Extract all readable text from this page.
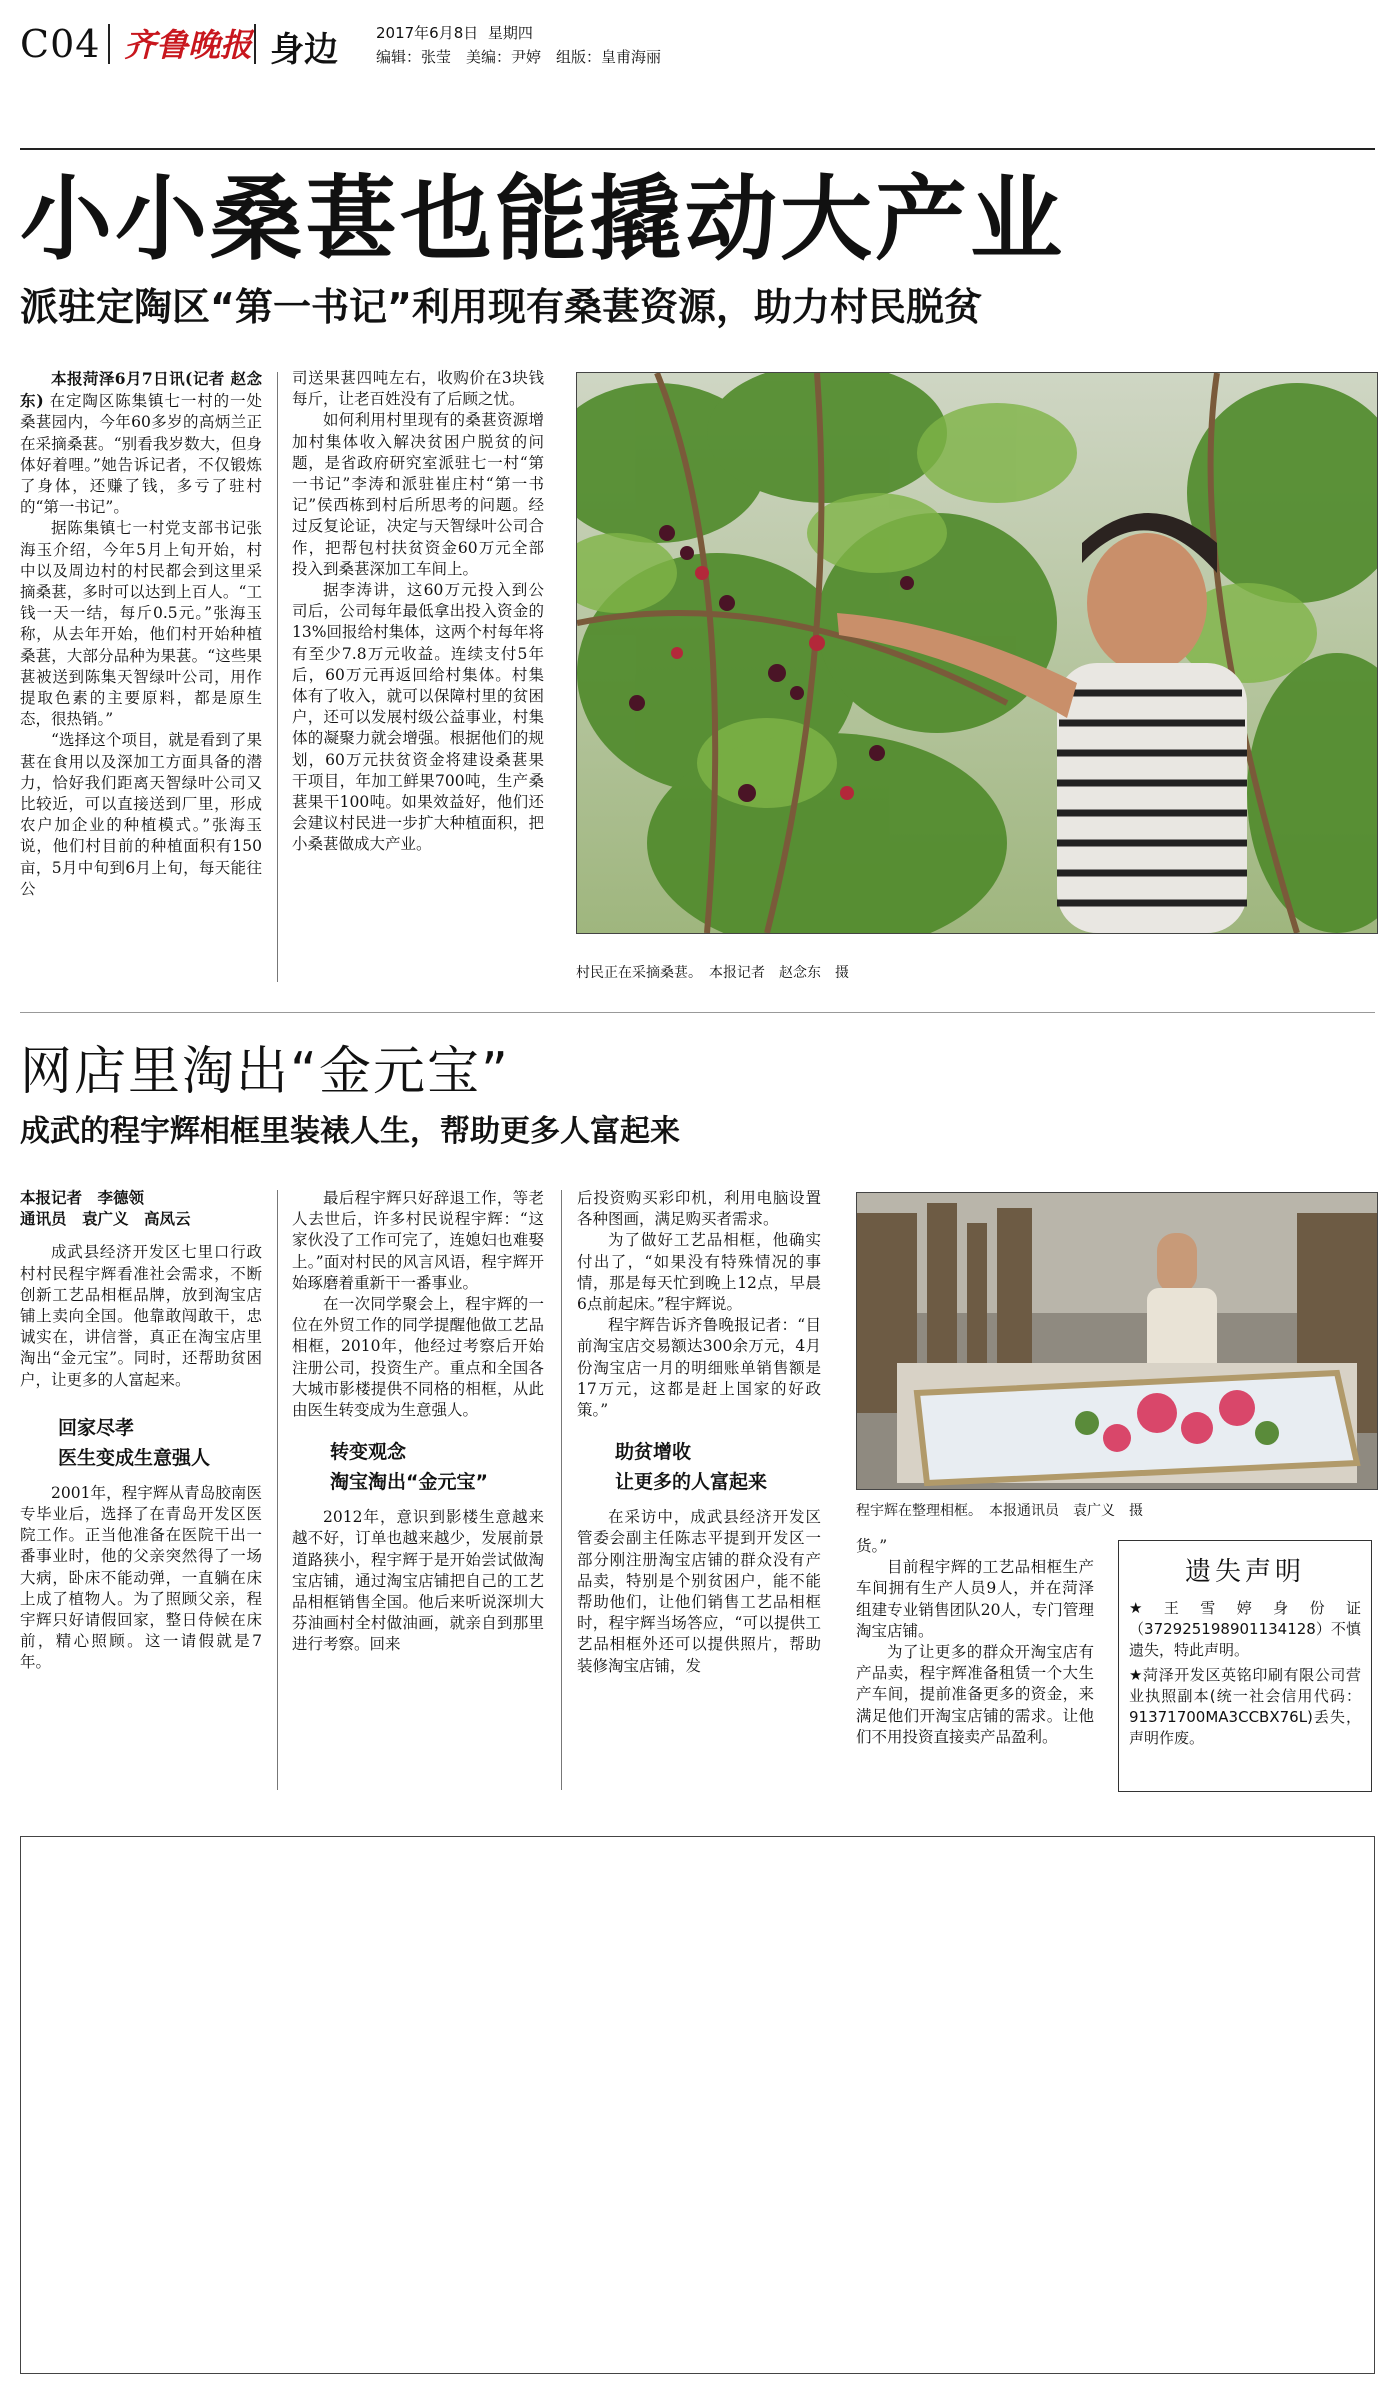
C04 齐鲁晚报 身边	2017年6月8日 星期四
编辑：张莹　美编：尹婷　组版：皇甫海丽
小小桑葚也能撬动大产业
派驻定陶区“第一书记”利用现有桑葚资源，助力村民脱贫

本报菏泽6月7日讯(记者 赵念东) 在定陶区陈集镇七一村的一处桑葚园内，今年60多岁的高炳兰正在采摘桑葚。“别看我岁数大，但身体好着哩。”她告诉记者，不仅锻炼了身体，还赚了钱，多亏了驻村的“第一书记”。

据陈集镇七一村党支部书记张海玉介绍，今年5月上旬开始，村中以及周边村的村民都会到这里采摘桑葚，多时可以达到上百人。“工钱一天一结，每斤0.5元。”张海玉称，从去年开始，他们村开始种植桑葚，大部分品种为果葚。“这些果葚被送到陈集天智绿叶公司，用作提取色素的主要原料，都是原生态，很热销。”

“选择这个项目，就是看到了果葚在食用以及深加工方面具备的潜力，恰好我们距离天智绿叶公司又比较近，可以直接送到厂里，形成农户加企业的种植模式。”张海玉说，他们村目前的种植面积有150亩，5月中旬到6月上旬，每天能往公

司送果葚四吨左右，收购价在3块钱每斤，让老百姓没有了后顾之忧。

如何利用村里现有的桑葚资源增加村集体收入解决贫困户脱贫的问题，是省政府研究室派驻七一村“第一书记”李涛和派驻崔庄村“第一书记”侯西栋到村后所思考的问题。经过反复论证，决定与天智绿叶公司合作，把帮包村扶贫资金60万元全部投入到桑葚深加工车间上。

据李涛讲，这60万元投入到公司后，公司每年最低拿出投入资金的13%回报给村集体，这两个村每年将有至少7.8万元收益。连续支付5年后，60万元再返回给村集体。村集体有了收入，就可以保障村里的贫困户，还可以发展村级公益事业，村集体的凝聚力就会增强。根据他们的规划，60万元扶贫资金将建设桑葚果干项目，年加工鲜果700吨，生产桑葚果干100吨。如果效益好，他们还会建议村民进一步扩大种植面积，把小桑葚做成大产业。

村民正在采摘桑葚。　本报记者　赵念东　摄
网店里淘出“金元宝”
成武的程宇辉相框里装裱人生，帮助更多人富起来

本报记者　李德领

通讯员　袁广义　高凤云

成武县经济开发区七里口行政村村民程宇辉看准社会需求，不断创新工艺品相框品牌，放到淘宝店铺上卖向全国。他靠敢闯敢干，忠诚实在，讲信誉，真正在淘宝店里淘出“金元宝”。同时，还帮助贫困户，让更多的人富起来。

回家尽孝

医生变成生意强人

2001年，程宇辉从青岛胶南医专毕业后，选择了在青岛开发区医院工作。正当他准备在医院干出一番事业时，他的父亲突然得了一场大病，卧床不能动弹，一直躺在床上成了植物人。为了照顾父亲，程宇辉只好请假回家，整日侍候在床前，精心照顾。这一请假就是7年。

最后程宇辉只好辞退工作，等老人去世后，许多村民说程宇辉：“这家伙没了工作可完了，连媳妇也难娶上。”面对村民的风言风语，程宇辉开始琢磨着重新干一番事业。

在一次同学聚会上，程宇辉的一位在外贸工作的同学提醒他做工艺品相框，2010年，他经过考察后开始注册公司，投资生产。重点和全国各大城市影楼提供不同格的相框，从此由医生转变成为生意强人。

转变观念

淘宝淘出“金元宝”

2012年，意识到影楼生意越来越不好，订单也越来越少，发展前景道路狭小，程宇辉于是开始尝试做淘宝店铺，通过淘宝店铺把自己的工艺品相框销售全国。他后来听说深圳大芬油画村全村做油画，就亲自到那里进行考察。回来

后投资购买彩印机，利用电脑设置各种图画，满足购买者需求。

为了做好工艺品相框，他确实付出了，“如果没有特殊情况的事情，那是每天忙到晚上12点，早晨6点前起床。”程宇辉说。

程宇辉告诉齐鲁晚报记者：“目前淘宝店交易额达300余万元，4月份淘宝店一月的明细账单销售额是17万元，这都是赶上国家的好政策。”

助贫增收

让更多的人富起来

在采访中，成武县经济开发区管委会副主任陈志平提到开发区一部分刚注册淘宝店铺的群众没有产品卖，特别是个别贫困户，能不能帮助他们，让他们销售工艺品相框时，程宇辉当场答应，“可以提供工艺品相框外还可以提供照片，帮助装修淘宝店铺，发

程宇辉在整理相框。　本报通讯员　袁广义　摄

货。”

目前程宇辉的工艺品相框生产车间拥有生产人员9人，并在菏泽组建专业销售团队20人，专门管理淘宝店铺。

为了让更多的群众开淘宝店有产品卖，程宇辉准备租赁一个大生产车间，提前准备更多的资金，来满足他们开淘宝店铺的需求。让他们不用投资直接卖产品盈利。

遗失声明
★王雪婷身份证（372925198901134128）不慎遗失，特此声明。
★菏泽开发区英铭印刷有限公司营业执照副本(统一社会信用代码：91371700MA3CCBX76L)丢失，声明作废。
